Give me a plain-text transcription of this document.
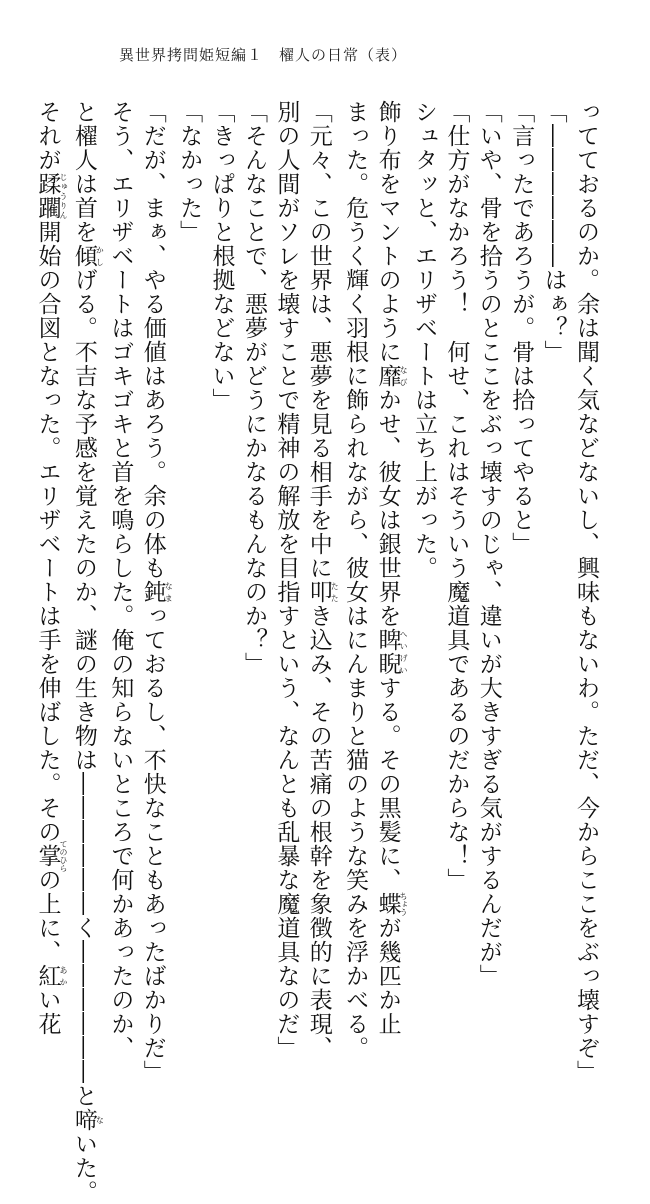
異世界拷問姫短編１　櫂人の日常（表）
ってておるのか。余は聞く気などないし、興味もないわ。ただ、今からここをぶっ壊すぞ」
「――――――はぁ？」
「言ったであろうが。骨は拾ってやると」
「いや、骨を拾うのとここをぶっ壊すのじゃ、違いが大きすぎる気がするんだが」
「仕方がなかろう！　何せ、これはそういう魔道具であるのだからな！」
シュタッと、エリザベートは立ち上がった。
飾り布をマントのように靡なびかせ、彼女は銀世界を睥睨へいげいする。その黒髪に、蝶ちょうが幾匹か止
まった。危うく輝く羽根に飾られながら、彼女はにんまりと猫のような笑みを浮かべる。
「元々、この世界は、悪夢を見る相手を中に叩たたき込み、その苦痛の根幹を象徴的に表現、
別の人間がソレを壊すことで精神の解放を目指すという、なんとも乱暴な魔道具なのだ」
「そんなことで、悪夢がどうにかなるもんなのか？」
「きっぱりと根拠などない」
「なかった」
「だが、まぁ、やる価値はあろう。余の体も鈍なまっておるし、不快なこともあったばかりだ」
そう、エリザベートはゴキゴキと首を鳴らした。俺の知らないところで何かあったのか、
と櫂人は首を傾かしげる。不吉な予感を覚えたのか、謎の生き物は――――――く――――――と啼ないた。
それが蹂躙じゅうりん開始の合図となった。エリザベートは手を伸ばした。その掌てのひらの上に、紅あかい花
